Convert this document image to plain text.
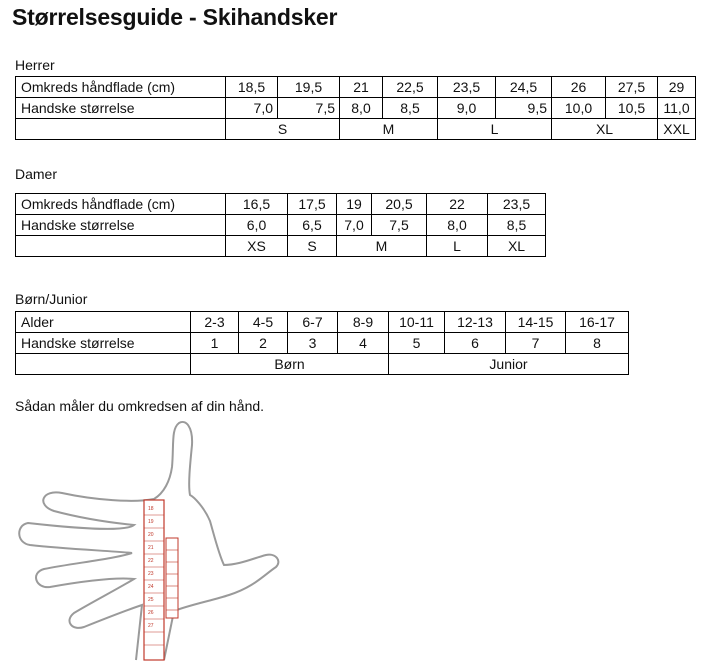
Størrelsesguide - Skihandsker
Herrer
Omkreds håndflade (cm)	18,5	19,5	21	22,5	23,5	24,5	26	27,5	29
Handske størrelse	7,0	7,5	8,0	8,5	9,0	9,5	10,0	10,5	11,0
	S		M		L		XL		XXL
Damer
Omkreds håndflade (cm)	16,5	17,5	19	20,5	22	23,5
Handske størrelse	6,0	6,5	7,0	7,5	8,0	8,5
	XS	S	M		L	XL
Børn/Junior
Alder	2-3	4-5	6-7	8-9	10-11	12-13	14-15	16-17
Handske størrelse	1	2	3	4	5	6	7	8
	Børn				Junior			
Sådan måler du omkredsen af din hånd.
18
19
20
21
22
23
24
25
26
27
